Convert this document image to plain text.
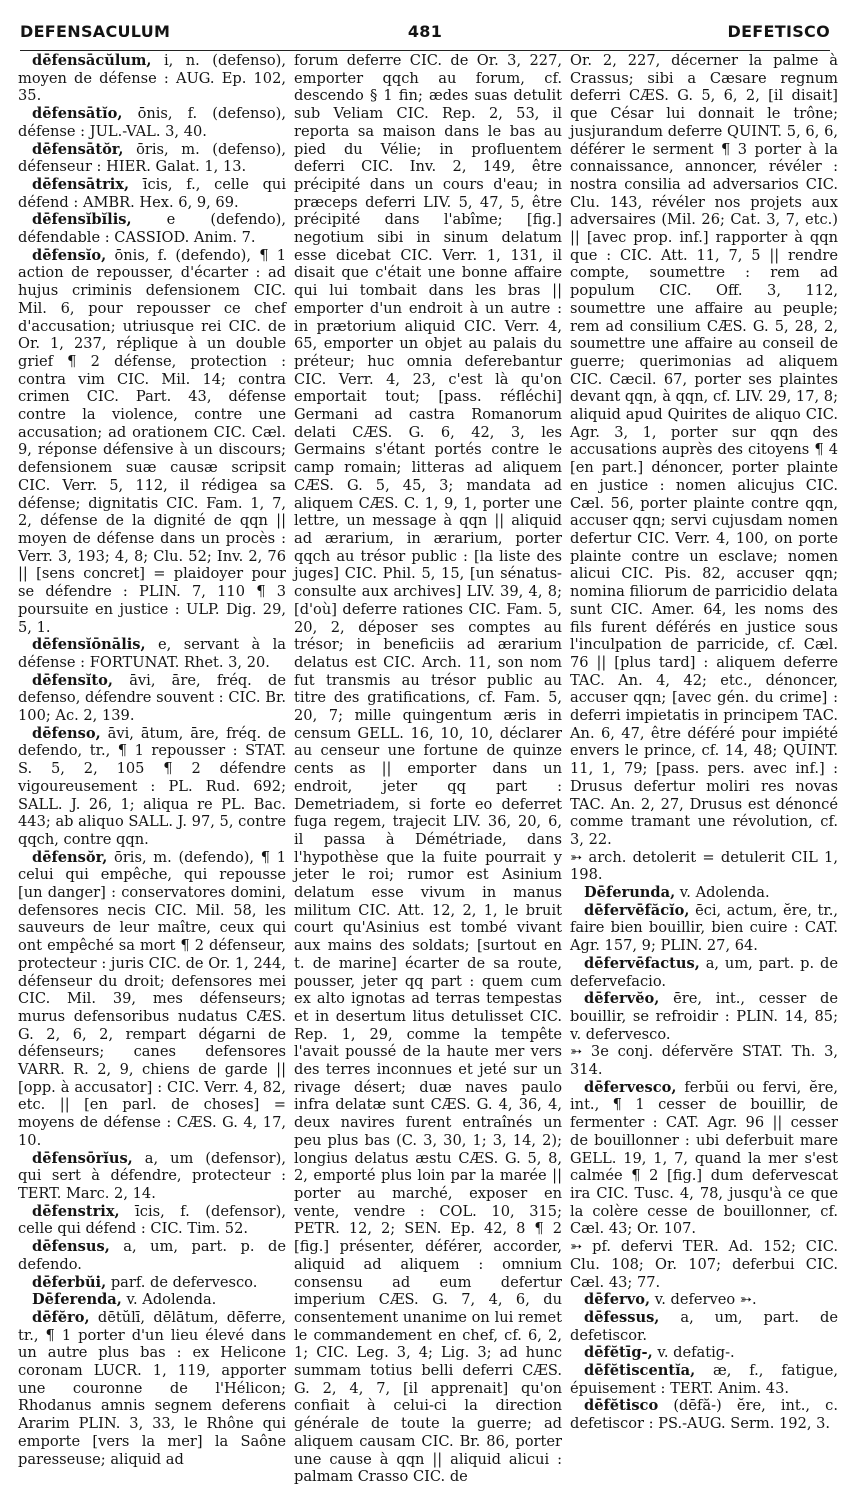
DEFENSACULUM	481	DEFETISCO

dēfensācŭlum, i, n. (defenso), moyen de défense : AUG. Ep. 102, 35.

dēfensātĭo, ōnis, f. (defenso), défense : JUL.-VAL. 3, 40.

dēfensātŏr, ōris, m. (defenso), défenseur : HIER. Galat. 1, 13.

dēfensātrix, īcis, f., celle qui défend : AMBR. Hex. 6, 9, 69.

dēfensĭbĭlis, e (defendo), défendable : CASSIOD. Anim. 7.

dēfensĭo, ōnis, f. (defendo), ¶ 1 action de repousser, d'écarter : ad hujus criminis defensionem CIC. Mil. 6, pour repousser ce chef d'accusation; utriusque rei CIC. de Or. 1, 237, réplique à un double grief ¶ 2 défense, protection : contra vim CIC. Mil. 14; contra crimen CIC. Part. 43, défense contre la violence, contre une accusation; ad orationem CIC. Cæl. 9, réponse défensive à un discours; defensionem suæ causæ scripsit CIC. Verr. 5, 112, il rédigea sa défense; dignitatis CIC. Fam. 1, 7, 2, défense de la dignité de qqn || moyen de défense dans un procès : Verr. 3, 193; 4, 8; Clu. 52; Inv. 2, 76 || [sens concret] = plaidoyer pour se défendre : PLIN. 7, 110 ¶ 3 poursuite en justice : ULP. Dig. 29, 5, 1.

dēfensĭōnālis, e, servant à la défense : FORTUNAT. Rhet. 3, 20.

dēfensĭto, āvi, āre, fréq. de defenso, défendre souvent : CIC. Br. 100; Ac. 2, 139.

dēfenso, āvi, ātum, āre, fréq. de defendo, tr., ¶ 1 repousser : STAT. S. 5, 2, 105 ¶ 2 défendre vigoureusement : PL. Rud. 692; SALL. J. 26, 1; aliqua re PL. Bac. 443; ab aliquo SALL. J. 97, 5, contre qqch, contre qqn.

dēfensŏr, ōris, m. (defendo), ¶ 1 celui qui empêche, qui repousse [un danger] : conservatores domini, defensores necis CIC. Mil. 58, les sauveurs de leur maître, ceux qui ont empêché sa mort ¶ 2 défenseur, protecteur : juris CIC. de Or. 1, 244, défenseur du droit; defensores mei CIC. Mil. 39, mes défenseurs; murus defensoribus nudatus CÆS. G. 2, 6, 2, rempart dégarni de défenseurs; canes defensores VARR. R. 2, 9, chiens de garde || [opp. à accusator] : CIC. Verr. 4, 82, etc. || [en parl. de choses] = moyens de défense : CÆS. G. 4, 17, 10.

dēfensōrĭus, a, um (defensor), qui sert à défendre, protecteur : TERT. Marc. 2, 14.

dēfenstrix, īcis, f. (defensor), celle qui défend : CIC. Tim. 52.

dēfensus, a, um, part. p. de defendo.

dēferbŭi, parf. de defervesco.

Dēferenda, v. Adolenda.

dēfĕro, dētŭlī, dēlātum, dēferre, tr., ¶ 1 porter d'un lieu élevé dans un autre plus bas : ex Helicone coronam LUCR. 1, 119, apporter une couronne de l'Hélicon; Rhodanus amnis segnem deferens Ararim PLIN. 3, 33, le Rhône qui emporte [vers la mer] la Saône paresseuse; aliquid ad

forum deferre CIC. de Or. 3, 227, emporter qqch au forum, cf. descendo § 1 fin; ædes suas detulit sub Veliam CIC. Rep. 2, 53, il reporta sa maison dans le bas au pied du Vélie; in profluentem deferri CIC. Inv. 2, 149, être précipité dans un cours d'eau; in præceps deferri LIV. 5, 47, 5, être précipité dans l'abîme; [fig.] negotium sibi in sinum delatum esse dicebat CIC. Verr. 1, 131, il disait que c'était une bonne affaire qui lui tombait dans les bras || emporter d'un endroit à un autre : in prætorium aliquid CIC. Verr. 4, 65, emporter un objet au palais du préteur; huc omnia deferebantur CIC. Verr. 4, 23, c'est là qu'on emportait tout; [pass. réfléchi] Germani ad castra Romanorum delati CÆS. G. 6, 42, 3, les Germains s'étant portés contre le camp romain; litteras ad aliquem CÆS. G. 5, 45, 3; mandata ad aliquem CÆS. C. 1, 9, 1, porter une lettre, un message à qqn || aliquid ad ærarium, in ærarium, porter qqch au trésor public : [la liste des juges] CIC. Phil. 5, 15, [un sénatus-consulte aux archives] LIV. 39, 4, 8; [d'où] deferre rationes CIC. Fam. 5, 20, 2, déposer ses comptes au trésor; in beneficiis ad ærarium delatus est CIC. Arch. 11, son nom fut transmis au trésor public au titre des gratifications, cf. Fam. 5, 20, 7; mille quingentum æris in censum GELL. 16, 10, 10, déclarer au censeur une fortune de quinze cents as || emporter dans un endroit, jeter qq part : Demetriadem, si forte eo deferret fuga regem, trajecit LIV. 36, 20, 6, il passa à Démétriade, dans l'hypothèse que la fuite pourrait y jeter le roi; rumor est Asinium delatum esse vivum in manus militum CIC. Att. 12, 2, 1, le bruit court qu'Asinius est tombé vivant aux mains des soldats; [surtout en t. de marine] écarter de sa route, pousser, jeter qq part : quem cum ex alto ignotas ad terras tempestas et in desertum litus detulisset CIC. Rep. 1, 29, comme la tempête l'avait poussé de la haute mer vers des terres inconnues et jeté sur un rivage désert; duæ naves paulo infra delatæ sunt CÆS. G. 4, 36, 4, deux navires furent entraînés un peu plus bas (C. 3, 30, 1; 3, 14, 2); longius delatus æstu CÆS. G. 5, 8, 2, emporté plus loin par la marée || porter au marché, exposer en vente, vendre : COL. 10, 315; PETR. 12, 2; SEN. Ep. 42, 8 ¶ 2 [fig.] présenter, déférer, accorder, aliquid ad aliquem : omnium consensu ad eum defertur imperium CÆS. G. 7, 4, 6, du consentement unanime on lui remet le commandement en chef, cf. 6, 2, 1; CIC. Leg. 3, 4; Lig. 3; ad hunc summam totius belli deferri CÆS. G. 2, 4, 7, [il apprenait] qu'on confiait à celui-ci la direction générale de toute la guerre; ad aliquem causam CIC. Br. 86, porter une cause à qqn || aliquid alicui : palmam Crasso CIC. de

Or. 2, 227, décerner la palme à Crassus; sibi a Cæsare regnum deferri CÆS. G. 5, 6, 2, [il disait] que César lui donnait le trône; jusjurandum deferre QUINT. 5, 6, 6, déférer le serment ¶ 3 porter à la connaissance, annoncer, révéler : nostra consilia ad adversarios CIC. Clu. 143, révéler nos projets aux adversaires (Mil. 26; Cat. 3, 7, etc.) || [avec prop. inf.] rapporter à qqn que : CIC. Att. 11, 7, 5 || rendre compte, soumettre : rem ad populum CIC. Off. 3, 112, soumettre une affaire au peuple; rem ad consilium CÆS. G. 5, 28, 2, soumettre une affaire au conseil de guerre; querimonias ad aliquem CIC. Cæcil. 67, porter ses plaintes devant qqn, à qqn, cf. LIV. 29, 17, 8; aliquid apud Quirites de aliquo CIC. Agr. 3, 1, porter sur qqn des accusations auprès des citoyens ¶ 4 [en part.] dénoncer, porter plainte en justice : nomen alicujus CIC. Cæl. 56, porter plainte contre qqn, accuser qqn; servi cujusdam nomen defertur CIC. Verr. 4, 100, on porte plainte contre un esclave; nomen alicui CIC. Pis. 82, accuser qqn; nomina filiorum de parricidio delata sunt CIC. Amer. 64, les noms des fils furent déférés en justice sous l'inculpation de parricide, cf. Cæl. 76 || [plus tard] : aliquem deferre TAC. An. 4, 42; etc., dénoncer, accuser qqn; [avec gén. du crime] : deferri impietatis in principem TAC. An. 6, 47, être déféré pour impiété envers le prince, cf. 14, 48; QUINT. 11, 1, 79; [pass. pers. avec inf.] : Drusus defertur moliri res novas TAC. An. 2, 27, Drusus est dénoncé comme tramant une révolution, cf. 3, 22.

➳ arch. detolerit = detulerit CIL 1, 198.

Dēferunda, v. Adolenda.

dēfervēfăcĭo, ēci, actum, ĕre, tr., faire bien bouillir, bien cuire : CAT. Agr. 157, 9; PLIN. 27, 64.

dēfervēfactus, a, um, part. p. de defervefacio.

dēfervĕo, ēre, int., cesser de bouillir, se refroidir : PLIN. 14, 85; v. defervesco.

➳ 3e conj. défervĕre STAT. Th. 3, 314.

dēfervesco, ferbŭi ou fervi, ĕre, int., ¶ 1 cesser de bouillir, de fermenter : CAT. Agr. 96 || cesser de bouillonner : ubi deferbuit mare GELL. 19, 1, 7, quand la mer s'est calmée ¶ 2 [fig.] dum defervescat ira CIC. Tusc. 4, 78, jusqu'à ce que la colère cesse de bouillonner, cf. Cæl. 43; Or. 107.

➳ pf. defervi TER. Ad. 152; CIC. Clu. 108; Or. 107; deferbui CIC. Cæl. 43; 77.

dēfervo, v. deferveo ➳.

dēfessus, a, um, part. de defetiscor.

dēfĕtīg-, v. defatig-.

dēfĕtiscentĭa, æ, f., fatigue, épuisement : TERT. Anim. 43.

dēfĕtisco (dēfă-) ĕre, int., c. defetiscor : PS.-AUG. Serm. 192, 3.
